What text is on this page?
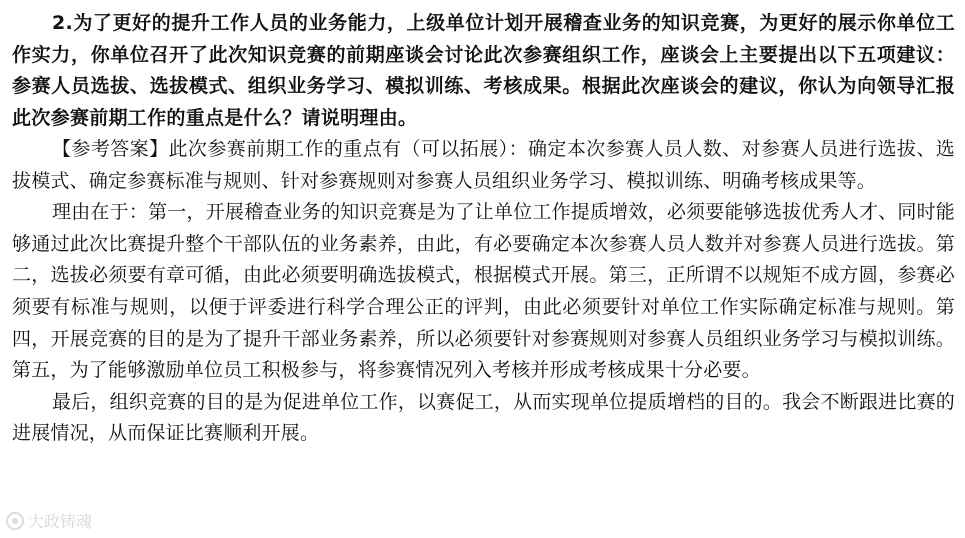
2.为了更好的提升工作人员的业务能力，上级单位计划开展稽查业务的知识竞赛，为更好的展示你单位工作实力，你单位召开了此次知识竞赛的前期座谈会讨论此次参赛组织工作，座谈会上主要提出以下五项建议：参赛人员选拔、选拔模式、组织业务学习、模拟训练、考核成果。根据此次座谈会的建议，你认为向领导汇报此次参赛前期工作的重点是什么？请说明理由。

【参考答案】此次参赛前期工作的重点有（可以拓展）：确定本次参赛人员人数、对参赛人员进行选拔、选拔模式、确定参赛标准与规则、针对参赛规则对参赛人员组织业务学习、模拟训练、明确考核成果等。

理由在于：第一，开展稽查业务的知识竞赛是为了让单位工作提质增效，必须要能够选拔优秀人才、同时能够通过此次比赛提升整个干部队伍的业务素养，由此，有必要确定本次参赛人员人数并对参赛人员进行选拔。第二，选拔必须要有章可循，由此必须要明确选拔模式，根据模式开展。第三，正所谓不以规矩不成方圆，参赛必须要有标准与规则，以便于评委进行科学合理公正的评判，由此必须要针对单位工作实际确定标准与规则。第四，开展竞赛的目的是为了提升干部业务素养，所以必须要针对参赛规则对参赛人员组织业务学习与模拟训练。第五，为了能够激励单位员工积极参与，将参赛情况列入考核并形成考核成果十分必要。

最后，组织竞赛的目的是为促进单位工作，以赛促工，从而实现单位提质增档的目的。我会不断跟进比赛的进展情况，从而保证比赛顺利开展。

大政铸魂
